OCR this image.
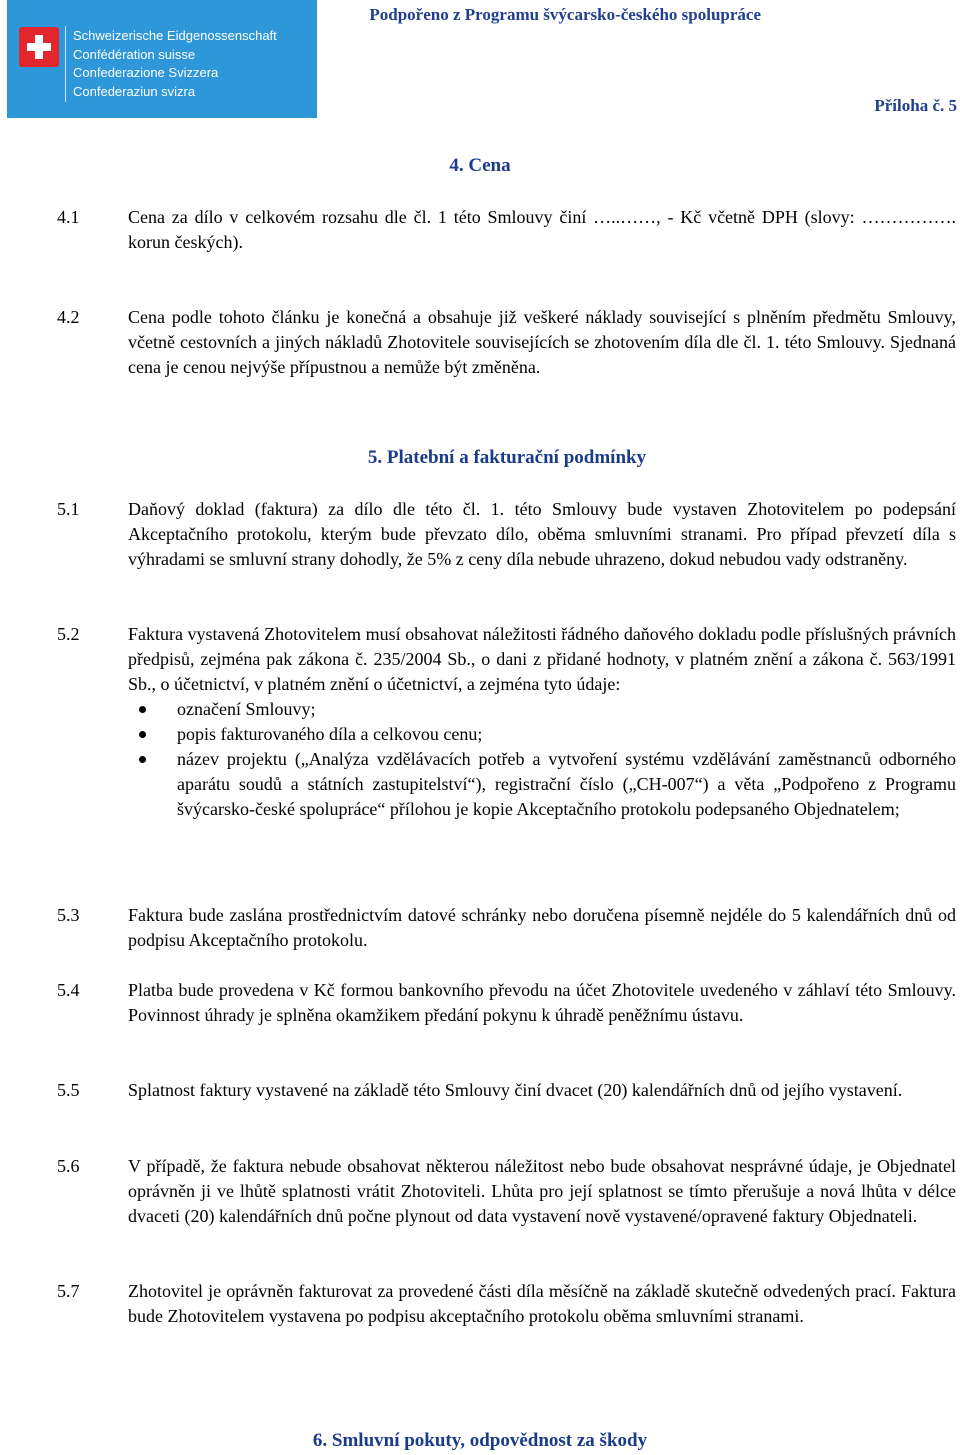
Schweizerische Eidgenossenschaft
Confédération suisse
Confederazione Svizzera
Confederaziun svizra
Podpořeno z Programu švýcarsko-českého spolupráce
Příloha č. 5
4. Cena
4.1	Cena za dílo v celkovém rozsahu dle čl. 1 této Smlouvy činí …..……, - Kč včetně DPH (slovy: ……………. korun českých).

4.2	Cena podle tohoto článku je konečná a obsahuje již veškeré náklady související s plněním předmětu Smlouvy, včetně cestovních a jiných nákladů Zhotovitele souvisejících se zhotovením díla dle čl. 1. této Smlouvy. Sjednaná cena je cenou nejvýše přípustnou a nemůže být změněna.

5. Platební a fakturační podmínky
5.1	Daňový doklad (faktura) za dílo dle této čl. 1. této Smlouvy bude vystaven Zhotovitelem po podepsání Akceptačního protokolu, kterým bude převzato dílo, oběma smluvními stranami. Pro případ převzetí díla s výhradami se smluvní strany dohodly, že 5% z ceny díla nebude uhrazeno, dokud nebudou vady odstraněny.

5.2	Faktura vystavená Zhotovitelem musí obsahovat náležitosti řádného daňového dokladu podle příslušných právních předpisů, zejména pak zákona č. 235/2004 Sb., o dani z přidané hodnoty, v platném znění a zákona č. 563/1991 Sb., o účetnictví, v platném znění o účetnictví, a zejména tyto údaje:

označení Smlouvy;
popis fakturovaného díla a celkovou cenu;
název projektu („Analýza vzdělávacích potřeb a vytvoření systému vzdělávání zaměstnanců odborného aparátu soudů a státních zastupitelství“), registrační číslo („CH-007“) a věta „Podpořeno z Programu švýcarsko-české spolupráce“ přílohou je kopie Akceptačního protokolu podepsaného Objednatelem;
5.3	Faktura bude zaslána prostřednictvím datové schránky nebo doručena písemně nejdéle do 5 kalendářních dnů od podpisu Akceptačního protokolu.

5.4	Platba bude provedena v Kč formou bankovního převodu na účet Zhotovitele uvedeného v záhlaví této Smlouvy. Povinnost úhrady je splněna okamžikem předání pokynu k úhradě peněžnímu ústavu.

5.5	Splatnost faktury vystavené na základě této Smlouvy činí dvacet (20) kalendářních dnů od jejího vystavení.

5.6	V případě, že faktura nebude obsahovat některou náležitost nebo bude obsahovat nesprávné údaje, je Objednatel oprávněn ji ve lhůtě splatnosti vrátit Zhotoviteli. Lhůta pro její splatnost se tímto přerušuje a nová lhůta v délce dvaceti (20) kalendářních dnů počne plynout od data vystavení nově vystavené/opravené faktury Objednateli.

5.7	Zhotovitel je oprávněn fakturovat za provedené části díla měsíčně na základě skutečně odvedených prací. Faktura bude Zhotovitelem vystavena po podpisu akceptačního protokolu oběma smluvními stranami.

6. Smluvní pokuty, odpovědnost za škody
